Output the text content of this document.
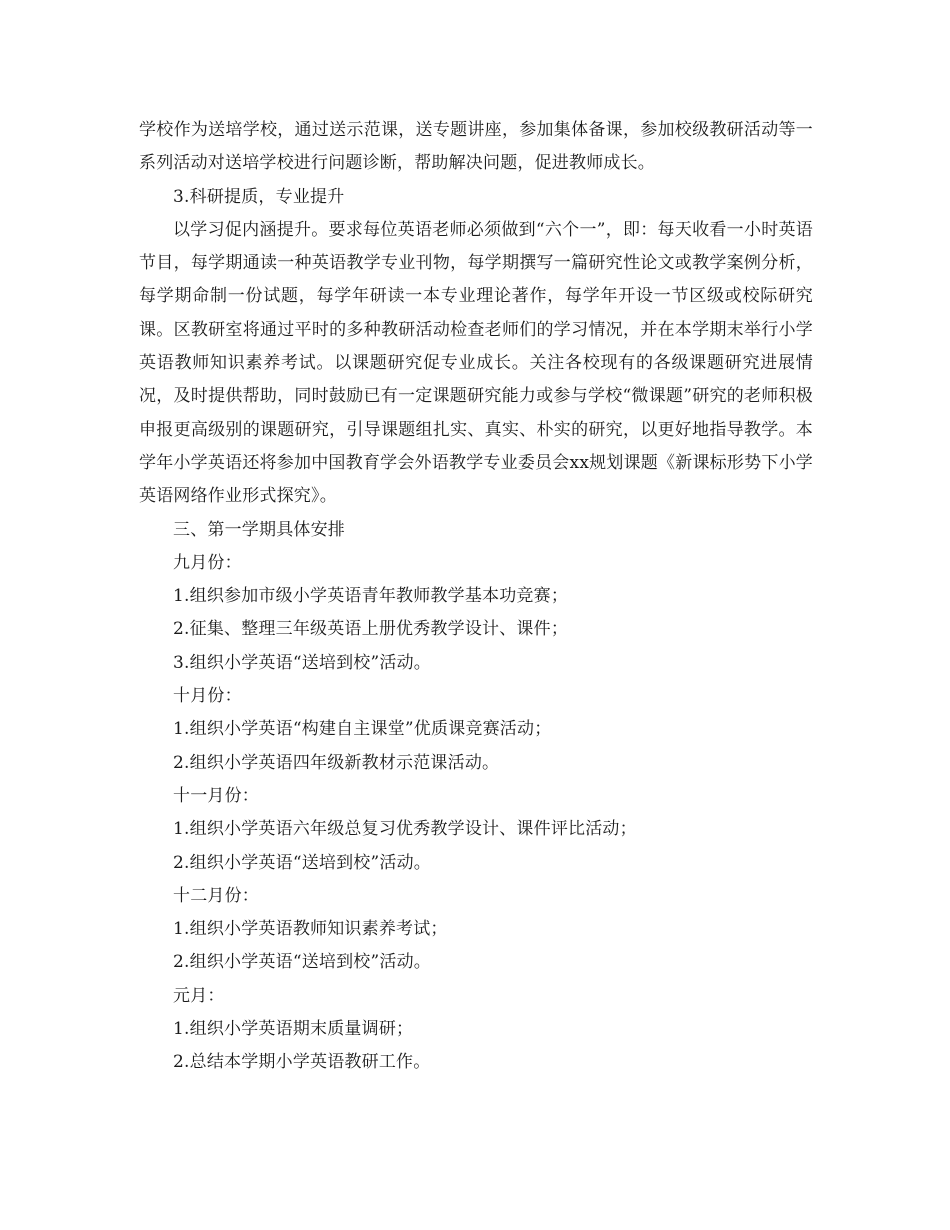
学校作为送培学校，通过送示范课，送专题讲座，参加集体备课，参加校级教研活动等一系列活动对送培学校进行问题诊断，帮助解决问题，促进教师成长。

3.科研提质，专业提升

以学习促内涵提升。要求每位英语老师必须做到“六个一”，即：每天收看一小时英语节目，每学期通读一种英语教学专业刊物，每学期撰写一篇研究性论文或教学案例分析，每学期命制一份试题，每学年研读一本专业理论著作，每学年开设一节区级或校际研究课。区教研室将通过平时的多种教研活动检查老师们的学习情况，并在本学期末举行小学英语教师知识素养考试。以课题研究促专业成长。关注各校现有的各级课题研究进展情况，及时提供帮助，同时鼓励已有一定课题研究能力或参与学校“微课题”研究的老师积极申报更高级别的课题研究，引导课题组扎实、真实、朴实的研究，以更好地指导教学。本学年小学英语还将参加中国教育学会外语教学专业委员会xx规划课题《新课标形势下小学英语网络作业形式探究》。

三、第一学期具体安排

九月份：

1.组织参加市级小学英语青年教师教学基本功竞赛；

2.征集、整理三年级英语上册优秀教学设计、课件；

3.组织小学英语“送培到校”活动。

十月份：

1.组织小学英语“构建自主课堂”优质课竞赛活动；

2.组织小学英语四年级新教材示范课活动。

十一月份：

1.组织小学英语六年级总复习优秀教学设计、课件评比活动；

2.组织小学英语“送培到校”活动。

十二月份：

1.组织小学英语教师知识素养考试；

2.组织小学英语“送培到校”活动。

元月：

1.组织小学英语期末质量调研；

2.总结本学期小学英语教研工作。
